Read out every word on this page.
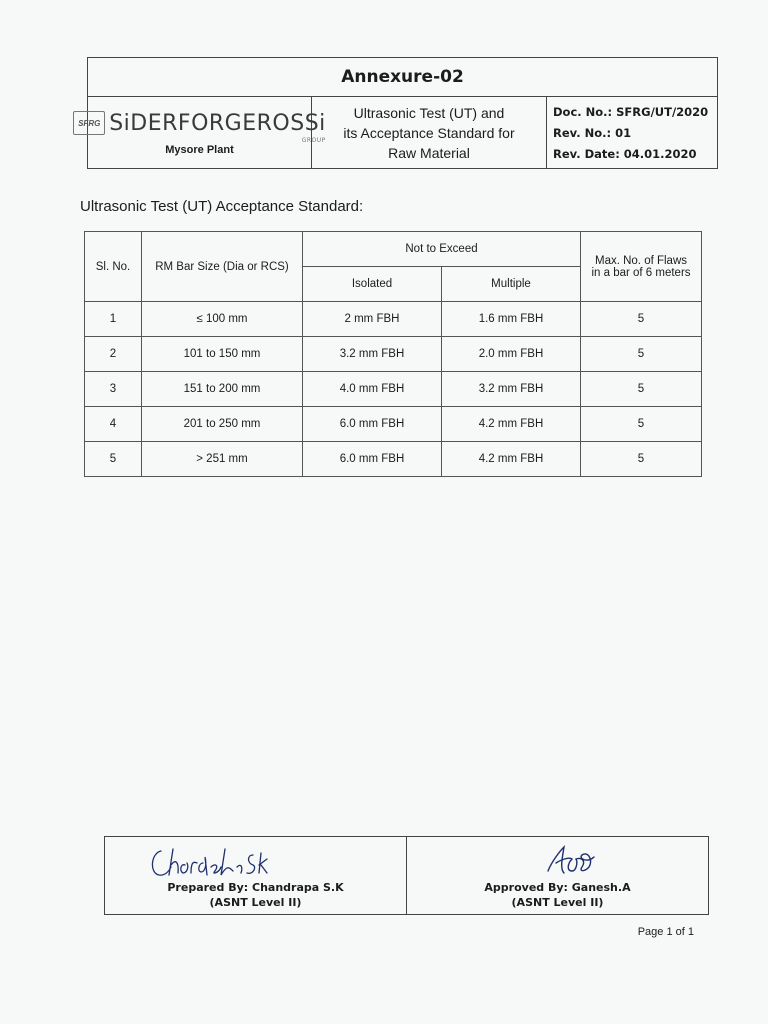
Annexure-02
SFRG SiDERFORGEROSSi
GROUP
Mysore Plant
Ultrasonic Test (UT) and
its Acceptance Standard for
Raw Material
Doc. No.: SFRG/UT/2020
Rev. No.: 01
Rev. Date: 04.01.2020
Ultrasonic Test (UT) Acceptance Standard:
Sl. No.	RM Bar Size (Dia or RCS)	Not to Exceed		Max. No. of Flaws in a bar of 6 meters
		Isolated	Multiple	
1	≤ 100 mm	2 mm FBH	1.6 mm FBH	5
2	101 to 150 mm	3.2 mm FBH	2.0 mm FBH	5
3	151 to 200 mm	4.0 mm FBH	3.2 mm FBH	5
4	201 to 250 mm	6.0 mm FBH	4.2 mm FBH	5
5	> 251 mm	6.0 mm FBH	4.2 mm FBH	5
Prepared By: Chandrapa S.K
(ASNT Level II)
Approved By: Ganesh.A
(ASNT Level II)
Page 1 of 1
